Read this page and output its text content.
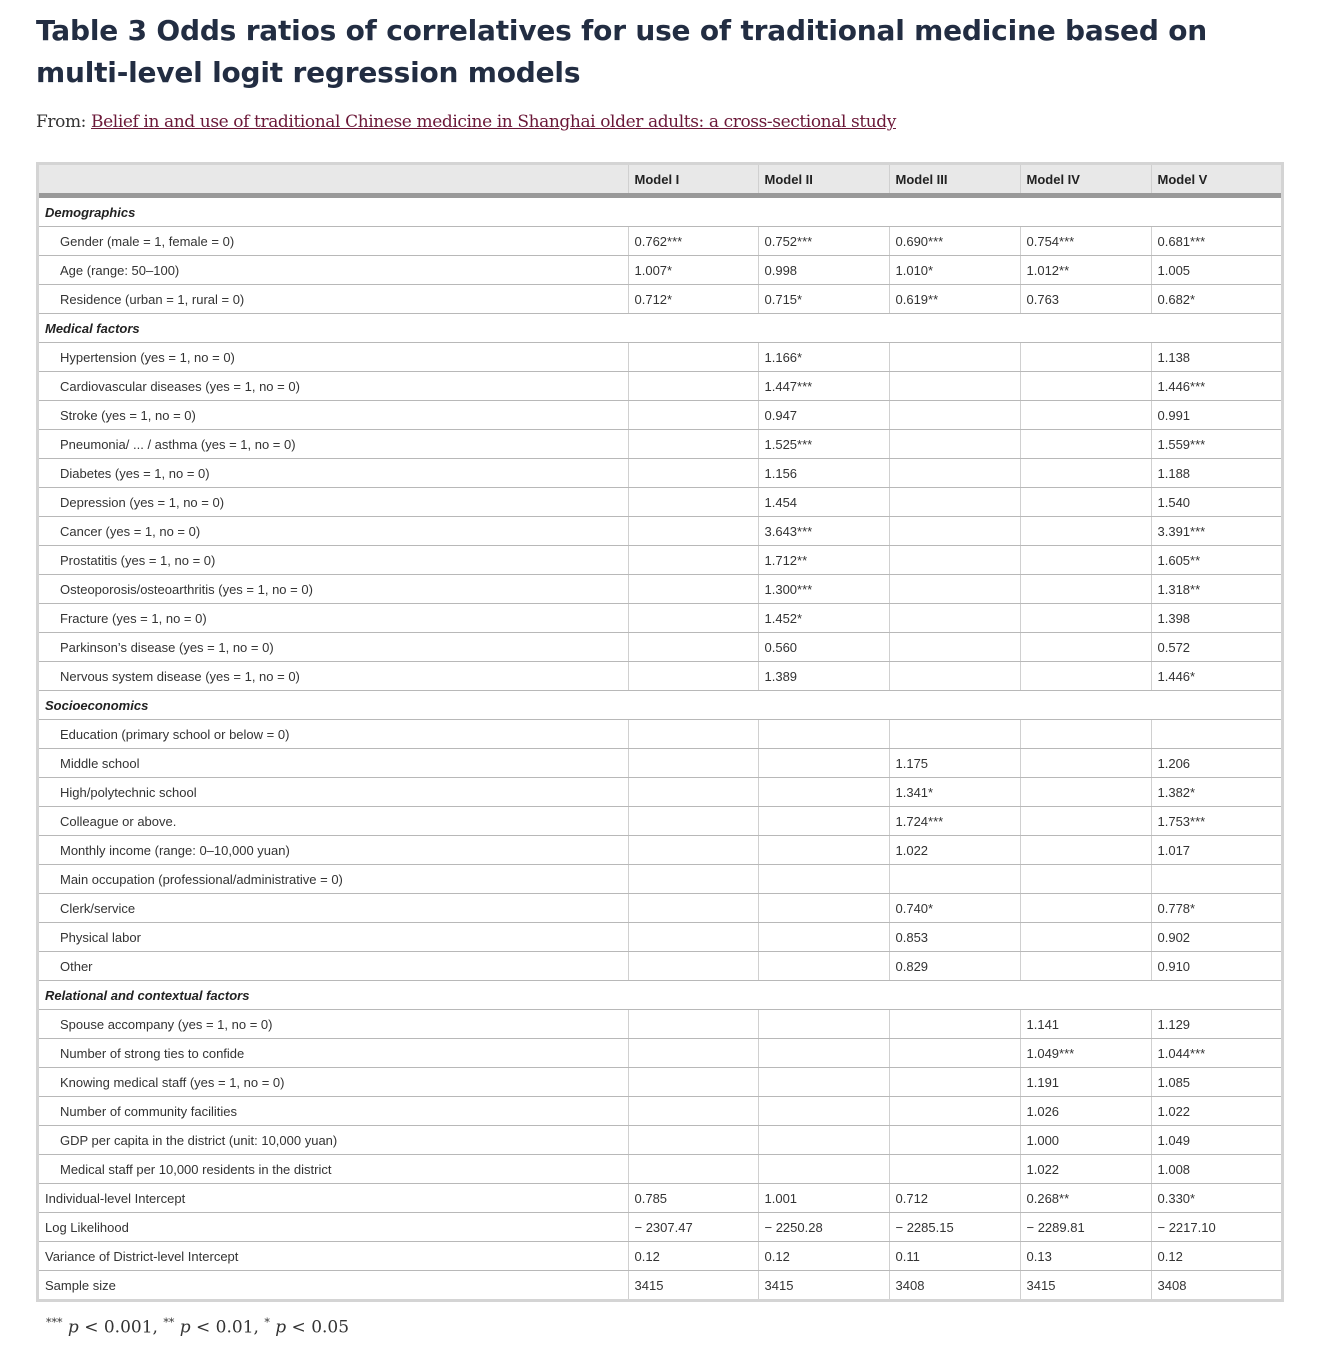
Table 3 Odds ratios of correlatives for use of traditional medicine based on multi-level logit regression models
From: Belief in and use of traditional Chinese medicine in Shanghai older adults: a cross-sectional study
	Model I	Model II	Model III	Model IV	Model V
Demographics					
Gender (male = 1, female = 0)	0.762***	0.752***	0.690***	0.754***	0.681***
Age (range: 50–100)	1.007*	0.998	1.010*	1.012**	1.005
Residence (urban = 1, rural = 0)	0.712*	0.715*	0.619**	0.763	0.682*
Medical factors					
Hypertension (yes = 1, no = 0)		1.166*			1.138
Cardiovascular diseases (yes = 1, no = 0)		1.447***			1.446***
Stroke (yes = 1, no = 0)		0.947			0.991
Pneumonia/ ... / asthma (yes = 1, no = 0)		1.525***			1.559***
Diabetes (yes = 1, no = 0)		1.156			1.188
Depression (yes = 1, no = 0)		1.454			1.540
Cancer (yes = 1, no = 0)		3.643***			3.391***
Prostatitis (yes = 1, no = 0)		1.712**			1.605**
Osteoporosis/osteoarthritis (yes = 1, no = 0)		1.300***			1.318**
Fracture (yes = 1, no = 0)		1.452*			1.398
Parkinson’s disease (yes = 1, no = 0)		0.560			0.572
Nervous system disease (yes = 1, no = 0)		1.389			1.446*
Socioeconomics					
Education (primary school or below = 0)					
Middle school			1.175		1.206
High/polytechnic school			1.341*		1.382*
Colleague or above.			1.724***		1.753***
Monthly income (range: 0–10,000 yuan)			1.022		1.017
Main occupation (professional/administrative = 0)					
Clerk/service			0.740*		0.778*
Physical labor			0.853		0.902
Other			0.829		0.910
Relational and contextual factors					
Spouse accompany (yes = 1, no = 0)				1.141	1.129
Number of strong ties to confide				1.049***	1.044***
Knowing medical staff (yes = 1, no = 0)				1.191	1.085
Number of community facilities				1.026	1.022
GDP per capita in the district (unit: 10,000 yuan)				1.000	1.049
Medical staff per 10,000 residents in the district				1.022	1.008
Individual-level Intercept	0.785	1.001	0.712	0.268**	0.330*
Log Likelihood	− 2307.47	− 2250.28	− 2285.15	− 2289.81	− 2217.10
Variance of District-level Intercept	0.12	0.12	0.11	0.13	0.12
Sample size	3415	3415	3408	3415	3408
*** p < 0.001, ** p < 0.01, * p < 0.05
